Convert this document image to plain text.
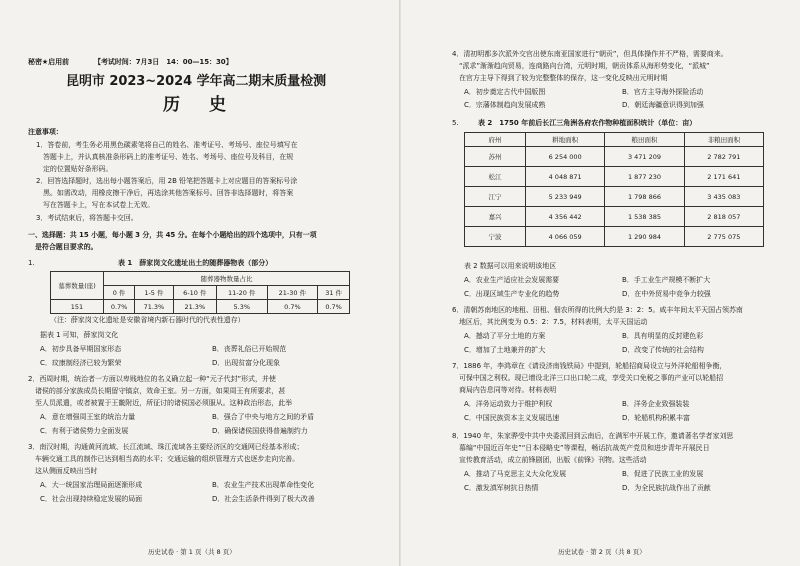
秘密★启用前	【考试时间：7月3日　14：00—15：30】
昆明市 2023~2024 学年高二期末质量检测
历　史
注意事项：
1．答卷前，考生务必用黑色碳素笔将自己的姓名、准考证号、考场号、座位号填写在
　答题卡上，并认真核准条形码上的准考证号、姓名、考场号、座位号及科目，在规
　定的位置贴好条形码。
2．回答选择题时，选出每小题答案后，用 2B 铅笔把答题卡上对应题目的答案标号涂
　黑。如需改动，用橡皮擦干净后，再选涂其他答案标号。回答非选择题时，将答案
　写在答题卡上，写在本试卷上无效。
3．考试结束后，将答题卡交回。
一、选择题：共 15 小题，每小题 3 分，共 45 分。在每个小题给出的四个选项中，只有一项
　是符合题目要求的。
1.	表 1　薛家岗文化遗址出土的随葬器物表（部分）
墓葬数量(座)	随葬器物数量占比					
	0 件	1-5 件	6-10 件	11-20 件	21-30 件	31 件
151	0.7%	71.3%	21.3%	5.3%	0.7%	0.7%
（注：薛家岗文化遗址是安徽省境内新石器时代的代表性遗存）
据表 1 可知，薛家岗文化
A．初步具备早期国家形态	B．丧葬礼俗已开始规范
C．玟康制经济已较为繁荣	D．出现贫富分化现象
2．西周时期，统治者一方面以卑贱地位的名义确立起一种“元子代封”形式，并使
　诸侯的部分家族成员长期留守镐京，效命王室。另一方面，如果周王有所要求，甚
　至人员派遣，或者被置于王畿附近，所征讨的诸侯国必须服从。这种政治形态，此举
A．意在增强周王室的统治力量	B．强合了中央与地方之间的矛盾
C．有利于诸侯势力全面发展	D．确保诸侯国获得普遍制约力
3．南汉时期，沟通黄河流域、长江流域、珠江流域各主要经济区的交通网已经基本形成；
　车辆交通工具的制作已达到相当高的水平；交通运输的组织管理方式也逐步走向完善。
　这从侧面反映出当时
A．大一统国家治理局面逐渐形成	B．农业生产技术出现革命性变化
C．社会出现持续稳定发展的局面	D．社会生活条件得到了极大改善
历史试卷 · 第 1 页（共 8 页）
4．清初明都多次派外交官出使东南亚国家进行“朝贡”，但具体操作并不严格，需要商来。
　“派求”渐渐趋向贸易，连商路向台湾，元明时期，朝贡体系从海形势变化，“派城”
　在官方主导下得到了较为完整整体的保存，这一变化反映出元明时期
A．初步奠定古代中国版图	B．官方主导海外探险活动
C．宗藩体制趋向发展成熟	D．朝廷海疆意识得到加强
5.	表 2　1750 年前后长江三角洲各府农作物种植面积统计（单位：亩）
府州	耕地面积	粮田面积	非粮田面积
苏州	6 254 000	3 471 209	2 782 791
松江	4 048 871	1 877 230	2 171 641
江宁	5 233 949	1 798 866	3 435 083
嘉兴	4 356 442	1 538 385	2 818 057
宁波	4 066 059	1 290 984	2 775 075
表 2 数据可以用来说明该地区
A．农业生产适应社会发展需要	B．手工业生产规模不断扩大
C．出现区域生产专业化的趋势	D．在中外贸易中竞争力较强
6．清朝苏南地区的地租、田租、佃农所得的比例大约是 3：2：5。咸丰年间太平天国占领苏南
　地区后，其比例变为 0.5：2：7.5，材料表明，太平天国运动
A．撼动了平分土地的方案	B．具有明显的反封建色彩
C．增加了土地兼并的扩大	D．改变了传统的社会结构
7．1886 年，李鸿章在《请设济南钱铁局》中提到，轮船招商局设立与外洋轮船相争衡，
　可保中国之利权。现已增设北洋三口出口轮二成，享受关口免税之事的产业可以轮船招
　商局内告息同等对待。材料表明
A．洋务运动致力于维护利权	B．洋务企业致强装装
C．中国民族资本主义发展迅速	D．轮船机构积累丰富
8．1940 年，朱家骅受中共中央委派回到云南后，在满军中开展工作，邀请著名学者家刘思
　慕编“中国近百年史”“日本侵略史”等课程，畅话抗战英产党员和进步青年开展民日
　宣传教育活动，成立前锋剧团，出版《前锋》刊物。这些活动
A．推动了马克思主义大众化发展	B．促进了民族工业的发展
C．激发滇军树抗日热情	D．为全民族抗战作出了贡献
历史试卷 · 第 2 页（共 8 页）
